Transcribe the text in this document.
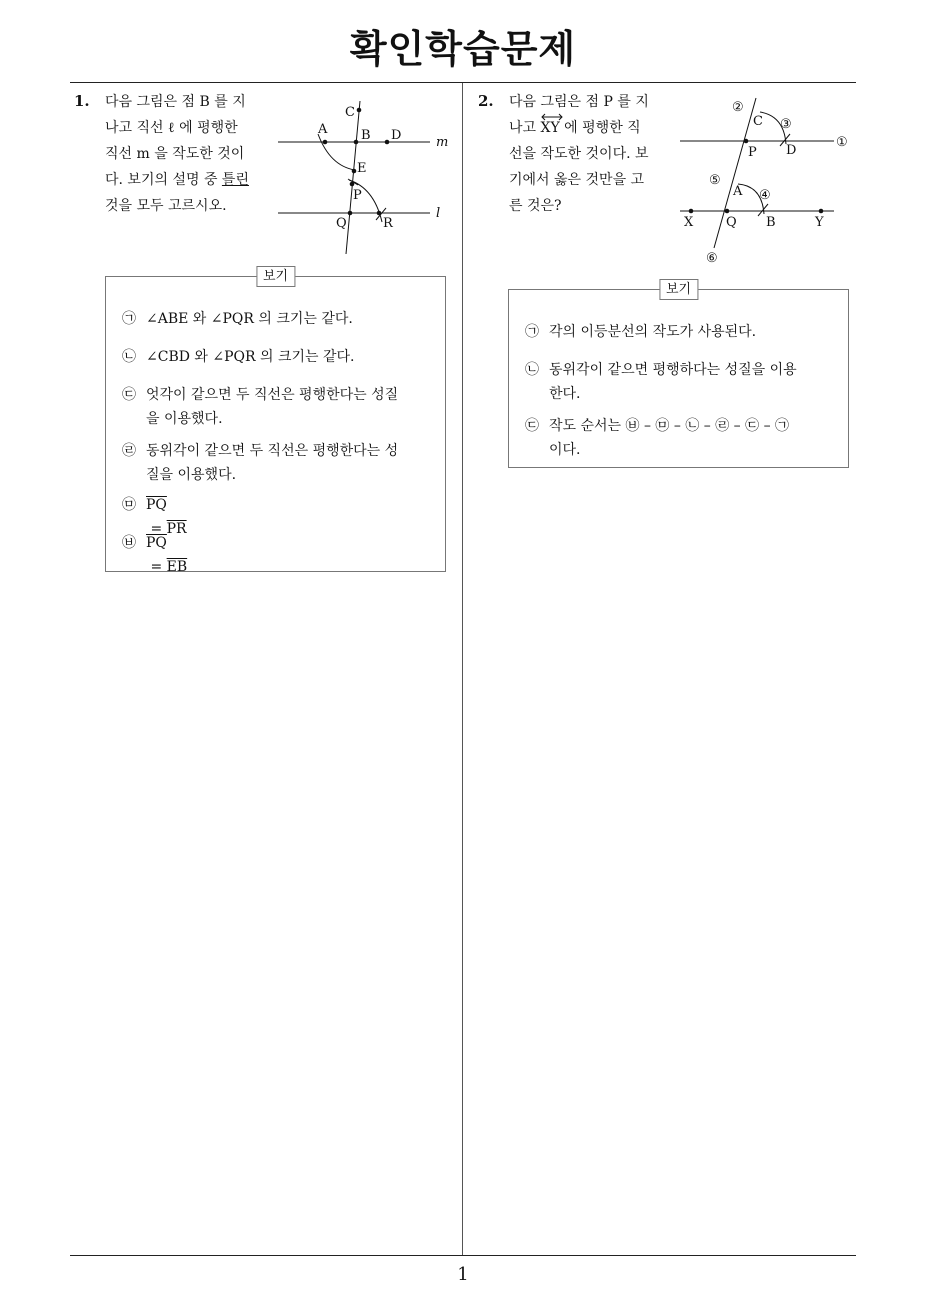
확인학습문제
1
1. 다음 그림은 점 B 를 지
나고 직선 ℓ 에 평행한
직선 m 을 작도한 것이
다. 보기의 설명 중 틀린
것을 모두 고르시오.
C
A	B D	m
E
P
Q	R
l
보기
㉠ ∠ABE 와 ∠PQR 의 크기는 같다.
㉡ ∠CBD 와 ∠PQR 의 크기는 같다.
㉢ 엇각이 같으면 두 직선은 평행한다는 성질
을 이용했다.
㉣ 동위각이 같으면 두 직선은 평행한다는 성
질을 이용했다.
㉤ $\overline{PQ} = \overline{PR}$
㉥ $\overline{PQ} = \overline{EB}$
2. 다음 그림은 점 P 를 지
나고
XY 에 평행한 직
선을 작도한 것이다. 보
기에서 옳은 것만을 고
른 것은?
②
C ③
P D
①
⑤
A ④
X	Q B	Y
⑥
보기
㉠ 각의 이등분선의 작도가 사용된다.
㉡ 동위각이 같으면 평행하다는 성질을 이용
한다.
㉢ 작도 순서는 ㉥ – ㉤ – ㉡ – ㉣ – ㉢ – ㉠
이다.
